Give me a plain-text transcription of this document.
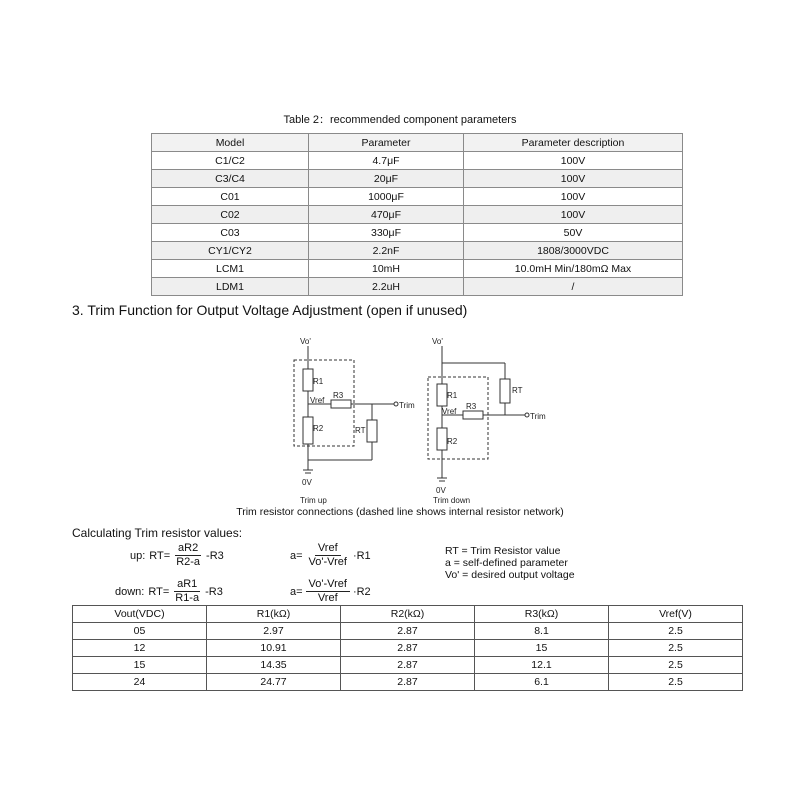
Table 2：recommended component parameters
Model	Parameter	Parameter description
C1/C2	4.7μF	100V
C3/C4	20μF	100V
C01	1000μF	100V
C02	470μF	100V
C03	330μF	50V
CY1/CY2	2.2nF	1808/3000VDC
LCM1	10mH	10.0mH Min/180mΩ Max
LDM1	2.2uH	/
3. Trim Function for Output Voltage Adjustment (open if unused)
Vo'
R1
R2
R3
RT
Vref
Trim
0V
Trim up
Vo'
R1
R2
R3
RT
Vref
Trim
0V
Trim down
Trim resistor connections (dashed line shows internal resistor network)
Calculating Trim resistor values:
up: $RT= \frac{aR2}{R2-a} -R3$	$a= \frac{\text{Vref}}{\text{Vo'-Vref}} \cdot R1$
down: $RT= \frac{aR1}{R1-a} -R3$	$a= \frac{\text{Vo'-Vref}}{\text{Vref}} \cdot R2$
RT = Trim Resistor value
a = self-defined parameter
Vo' = desired output voltage
Vout(VDC)	R1(kΩ)	R2(kΩ)	R3(kΩ)	Vref(V)
05	2.97	2.87	8.1	2.5
12	10.91	2.87	15	2.5
15	14.35	2.87	12.1	2.5
24	24.77	2.87	6.1	2.5
